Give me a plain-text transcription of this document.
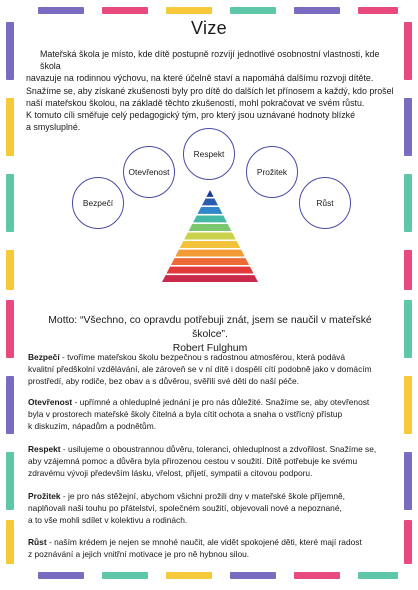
Vize

Mateřská škola je místo, kde dítě postupně rozvíjí jednotlivé osobnostní vlastnosti, kde škola

navazuje na rodinnou výchovu, na které účelně staví a napomáhá dalšímu rozvoji dítěte.

Snažíme se, aby získané zkušenosti byly pro dítě do dalších let přínosem a každý, kdo prošel

naší mateřskou školou, na základě těchto zkušeností, mohl pokračovat ve svém růstu.

K tomuto cíli směřuje celý pedagogický tým, pro který jsou uznávané hodnoty blízké

a smysluplné.

Respekt
Otevřenost	Prožitek
Bezpečí	Růst
Motto: “Všechno, co opravdu potřebuji znát, jsem se naučil v mateřské školce”.
Robert Fulghum
Bezpečí - tvoříme mateřskou školu bezpečnou s radostnou atmosférou, která podává
kvalitní předškolní vzdělávání, ale zároveň se v ní dítě i dospělí cítí podobně jako v domácím
prostředí, aby rodiče, bez obav a s důvěrou, svěřili své děti do naší péče.
Otevřenost - upřímné a ohleduplné jednání je pro nás důležité. Snažíme se, aby otevřenost
byla v prostorech mateřské školy čitelná a byla cítit ochota a snaha o vstřícný přístup
k diskuzím, nápadům a podnětům.
Respekt - usilujeme o oboustrannou důvěru, toleranci, ohleduplnost a zdvořilost. Snažíme se,
aby vzájemná pomoc a důvěra byla přirozenou cestou v soužití. Dítě potřebuje ke svému
zdravému vývoji především lásku, vřelost, přijetí, sympatii a citovou podporu.
Prožitek - je pro nás stěžejní, abychom všichni prožili dny v mateřské škole příjemně,
naplňovali naši touhu po přátelství, společném soužití, objevovali nové a nepoznané,
a to vše mohli sdílet v kolektivu a rodinách.
Růst - naším krédem je nejen se mnohé naučit, ale vidět spokojené děti, které mají radost
z poznávání a jejich vnitřní motivace je pro ně hybnou silou.
